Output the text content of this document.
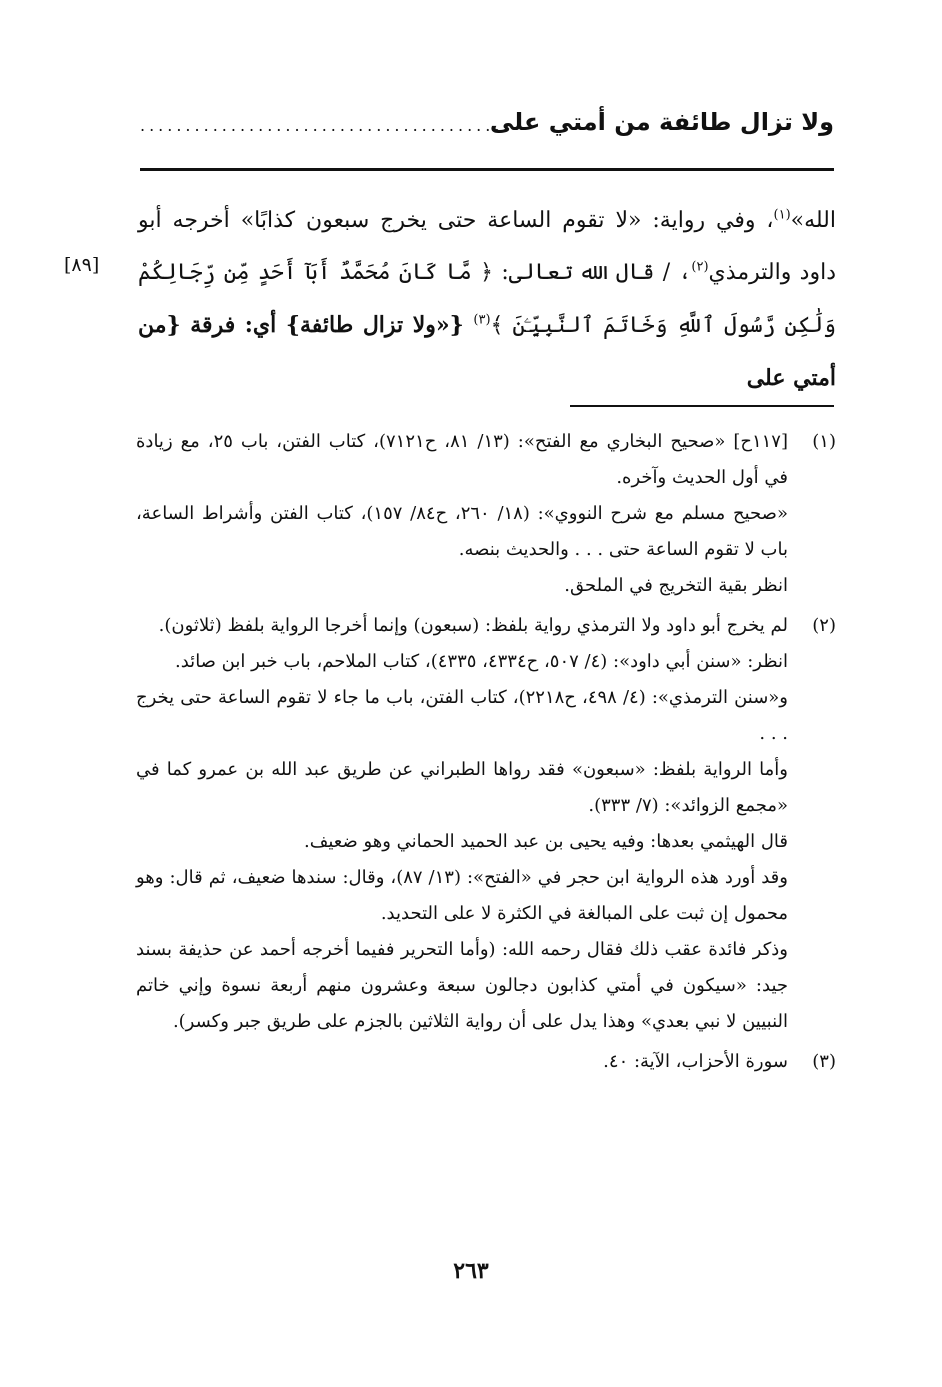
ولا تزال طائفة من أمتي على
........................................
[٨٩]

الله»$^{(١)}$، وفي رواية: «لا تقوم الساعة حتى يخرج سبعون كذابًا» أخرجه أبو داود والترمذي$^{(٢)}$، / قال الله تعالى: ﴿ مَّا كَانَ مُحَمَّدٌ أَبَآ أَحَدٍ مِّن رِّجَالِكُمْ وَلَٰكِن رَّسُولَ ٱللَّهِ وَخَاتَمَ ٱلنَّبِيِّـۧنَ ﴾$^{(٣)}$ {«ولا تزال طائفة} أي: فرقة {من أمتي على

(١)

[١١٧ح] «صحيح البخاري مع الفتح»: (١٣/ ٨١، ح٧١٢١)، كتاب الفتن، باب ٢٥، مع زيادة في أول الحديث وآخره.

«صحيح مسلم مع شرح النووي»: (١٨/ ٢٦٠، ح٨٤/ ١٥٧)، كتاب الفتن وأشراط الساعة، باب لا تقوم الساعة حتى . . . والحديث بنصه.

انظر بقية التخريج في الملحق.

(٢)

لم يخرج أبو داود ولا الترمذي رواية بلفظ: (سبعون) وإنما أخرجا الرواية بلفظ (ثلاثون).

انظر: «سنن أبي داود»: (٤/ ٥٠٧، ح٤٣٣٤، ٤٣٣٥)، كتاب الملاحم، باب خبر ابن صائد.

و«سنن الترمذي»: (٤/ ٤٩٨، ح٢٢١٨)، كتاب الفتن، باب ما جاء لا تقوم الساعة حتى يخرج . . .

وأما الرواية بلفظ: «سبعون» فقد رواها الطبراني عن طريق عبد الله بن عمرو كما في «مجمع الزوائد»: (٧/ ٣٣٣).

قال الهيثمي بعدها: وفيه يحيى بن عبد الحميد الحماني وهو ضعيف.

وقد أورد هذه الرواية ابن حجر في «الفتح»: (١٣/ ٨٧)، وقال: سندها ضعيف، ثم قال: وهو محمول إن ثبت على المبالغة في الكثرة لا على التحديد.

وذكر فائدة عقب ذلك فقال رحمه الله: (وأما التحرير ففيما أخرجه أحمد عن حذيفة بسند جيد: «سيكون في أمتي كذابون دجالون سبعة وعشرون منهم أربعة نسوة وإني خاتم النبيين لا نبي بعدي» وهذا يدل على أن رواية الثلاثين بالجزم على طريق جبر وكسر).

(٣)

سورة الأحزاب، الآية: ٤٠.

٢٦٣
